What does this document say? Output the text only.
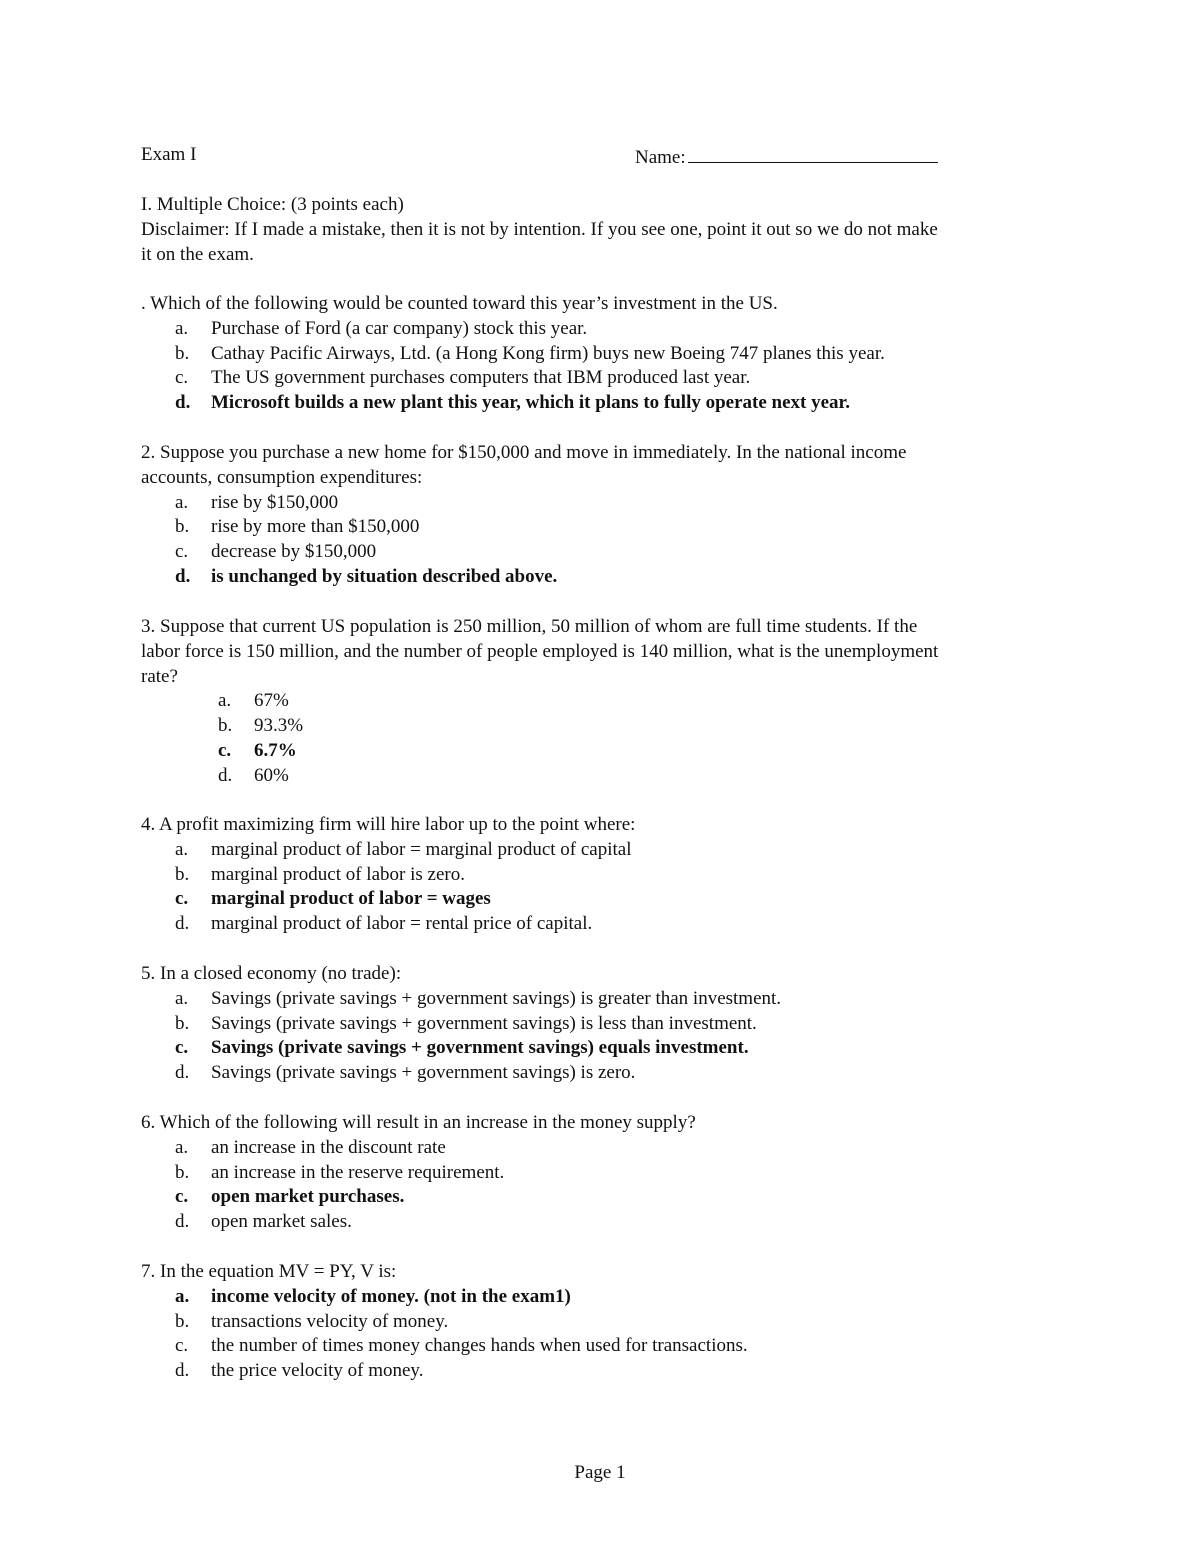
Exam I	Name:
I. Multiple Choice: (3 points each)
Disclaimer: If I made a mistake, then it is not by intention. If you see one, point it out so we do not make
it on the exam.
. Which of the following would be counted toward this year’s investment in the US.
a. Purchase of Ford (a car company) stock this year.
b. Cathay Pacific Airways, Ltd. (a Hong Kong firm) buys new Boeing 747 planes this year.
c. The US government purchases computers that IBM produced last year.
d. Microsoft builds a new plant this year, which it plans to fully operate next year.
2. Suppose you purchase a new home for $150,000 and move in immediately. In the national income
accounts, consumption expenditures:
a. rise by $150,000
b. rise by more than $150,000
c. decrease by $150,000
d. is unchanged by situation described above.
3. Suppose that current US population is 250 million, 50 million of whom are full time students. If the
labor force is 150 million, and the number of people employed is 140 million, what is the unemployment
rate?
a. 67%
b. 93.3%
c. 6.7%
d. 60%
4. A profit maximizing firm will hire labor up to the point where:
a. marginal product of labor = marginal product of capital
b. marginal product of labor is zero.
c. marginal product of labor = wages
d. marginal product of labor = rental price of capital.
5. In a closed economy (no trade):
a. Savings (private savings + government savings) is greater than investment.
b. Savings (private savings + government savings) is less than investment.
c. Savings (private savings + government savings) equals investment.
d. Savings (private savings + government savings) is zero.
6. Which of the following will result in an increase in the money supply?
a. an increase in the discount rate
b. an increase in the reserve requirement.
c. open market purchases.
d. open market sales.
7. In the equation MV = PY, V is:
a. income velocity of money. (not in the exam1)
b. transactions velocity of money.
c. the number of times money changes hands when used for transactions.
d. the price velocity of money.
Page 1
